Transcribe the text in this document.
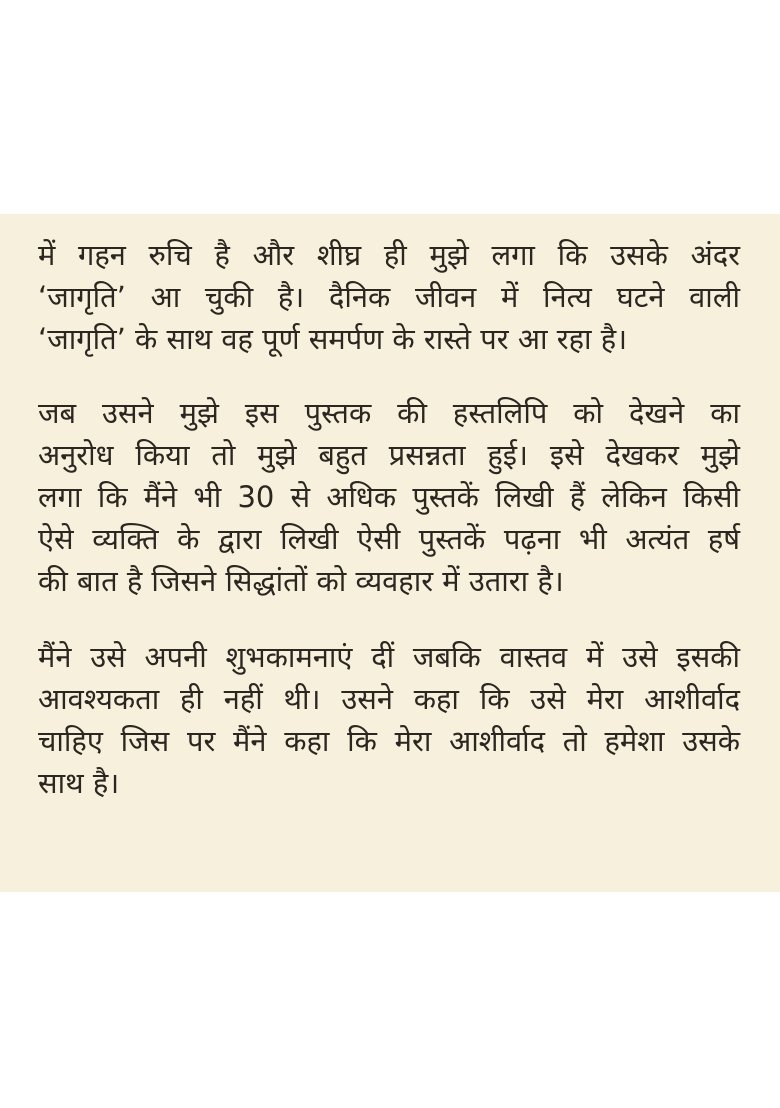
में गहन रुचि है और शीघ्र ही मुझे लगा कि उसके अंदर
‘जागृति’ आ चुकी है। दैनिक जीवन में नित्य घटने वाली
‘जागृति’ के साथ वह पूर्ण समर्पण के रास्ते पर आ रहा है।
जब उसने मुझे इस पुस्तक की हस्तलिपि को देखने का
अनुरोध किया तो मुझे बहुत प्रसन्नता हुई। इसे देखकर मुझे
लगा कि मैंने भी 30 से अधिक पुस्तकें लिखी हैं लेकिन किसी
ऐसे व्यक्ति के द्वारा लिखी ऐसी पुस्तकें पढ़ना भी अत्यंत हर्ष
की बात है जिसने सिद्धांतों को व्यवहार में उतारा है।
मैंने उसे अपनी शुभकामनाएं दीं जबकि वास्तव में उसे इसकी
आवश्यकता ही नहीं थी। उसने कहा कि उसे मेरा आशीर्वाद
चाहिए जिस पर मैंने कहा कि मेरा आशीर्वाद तो हमेशा उसके
साथ है।
